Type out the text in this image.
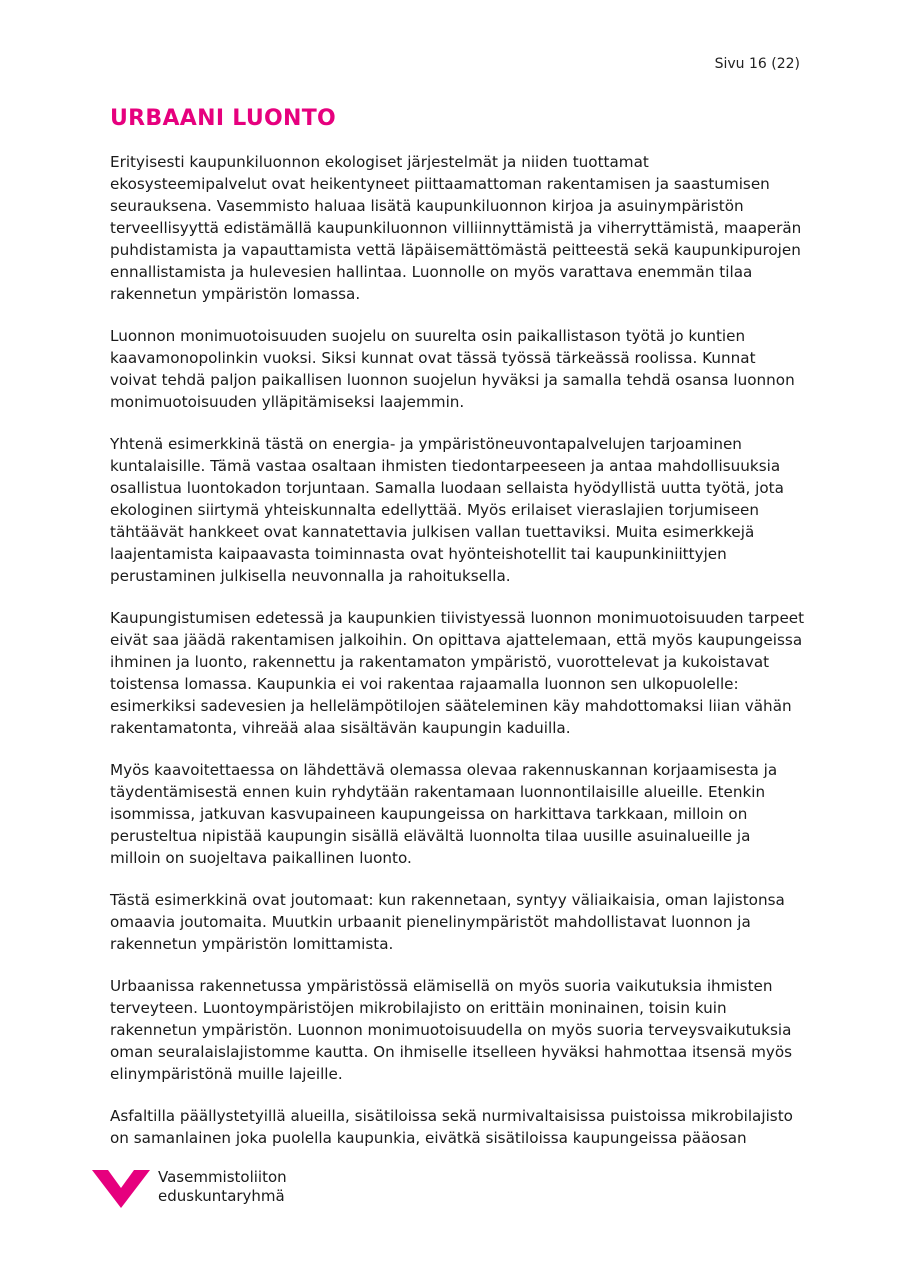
Sivu 16 (22)
URBAANI LUONTO

Erityisesti kaupunkiluonnon ekologiset järjestelmät ja niiden tuottamat ekosysteemipalvelut ovat heikentyneet piittaamattoman rakentamisen ja saastumisen seurauksena. Vasemmisto haluaa lisätä kaupunkiluonnon kirjoa ja asuinympäristön terveellisyyttä edistämällä kaupunkiluonnon villiinnyttämistä ja viherryttämistä, maaperän puhdistamista ja vapauttamista vettä läpäisemättömästä peitteestä sekä kaupunkipurojen ennallistamista ja hulevesien hallintaa. Luonnolle on myös varattava enemmän tilaa rakennetun ympäristön lomassa.

Luonnon monimuotoisuuden suojelu on suurelta osin paikallistason työtä jo kuntien kaavamonopolinkin vuoksi. Siksi kunnat ovat tässä työssä tärkeässä roolissa. Kunnat voivat tehdä paljon paikallisen luonnon suojelun hyväksi ja samalla tehdä osansa luonnon monimuotoisuuden ylläpitämiseksi laajemmin.

Yhtenä esimerkkinä tästä on energia- ja ympäristöneuvontapalvelujen tarjoaminen kuntalaisille. Tämä vastaa osaltaan ihmisten tiedontarpeeseen ja antaa mahdollisuuksia osallistua luontokadon torjuntaan. Samalla luodaan sellaista hyödyllistä uutta työtä, jota ekologinen siirtymä yhteiskunnalta edellyttää. Myös erilaiset vieraslajien torjumiseen tähtäävät hankkeet ovat kannatettavia julkisen vallan tuettaviksi. Muita esimerkkejä laajentamista kaipaavasta toiminnasta ovat hyönteishotellit tai kaupunkiniittyjen perustaminen julkisella neuvonnalla ja rahoituksella.

Kaupungistumisen edetessä ja kaupunkien tiivistyessä luonnon monimuotoisuuden tarpeet eivät saa jäädä rakentamisen jalkoihin. On opittava ajattelemaan, että myös kaupungeissa ihminen ja luonto, rakennettu ja rakentamaton ympäristö, vuorottelevat ja kukoistavat toistensa lomassa. Kaupunkia ei voi rakentaa rajaamalla luonnon sen ulkopuolelle: esimerkiksi sadevesien ja hellelämpötilojen säätelеminen käy mahdottomaksi liian vähän rakentamatonta, vihreää alaa sisältävän kaupungin kaduilla.

Myös kaavoitettaessa on lähdettävä olemassa olevaa rakennuskannan korjaamisesta ja täydentämisestä ennen kuin ryhdytään rakentamaan luonnontilaisille alueille. Etenkin isommissa, jatkuvan kasvupaineen kaupungeissa on harkittava tarkkaan, milloin on perusteltua nipistää kaupungin sisällä elävältä luonnolta tilaa uusille asuinalueille ja milloin on suojeltava paikallinen luonto.

Tästä esimerkkinä ovat joutomaat: kun rakennetaan, syntyy väliaikaisia, oman lajistonsa omaavia joutomaita. Muutkin urbaanit pienelinympäristöt mahdollistavat luonnon ja rakennetun ympäristön lomittamista.

Urbaanissa rakennetussa ympäristössä elämisellä on myös suoria vaikutuksia ihmisten terveyteen. Luontoympäristöjen mikrobilajisto on erittäin moninainen, toisin kuin rakennetun ympäristön. Luonnon monimuotoisuudella on myös suoria terveysvaikutuksia oman seuralaislajistomme kautta. On ihmiselle itselleen hyväksi hahmottaa itsensä myös elinympäristönä muille lajeille.

Asfaltilla päällystetyillä alueilla, sisätiloissa sekä nurmivaltaisissa puistoissa mikrobilajisto on samanlainen joka puolella kaupunkia, eivätkä sisätiloissa kaupungeissa pääosan

Vasemmistoliiton
eduskuntaryhmä
